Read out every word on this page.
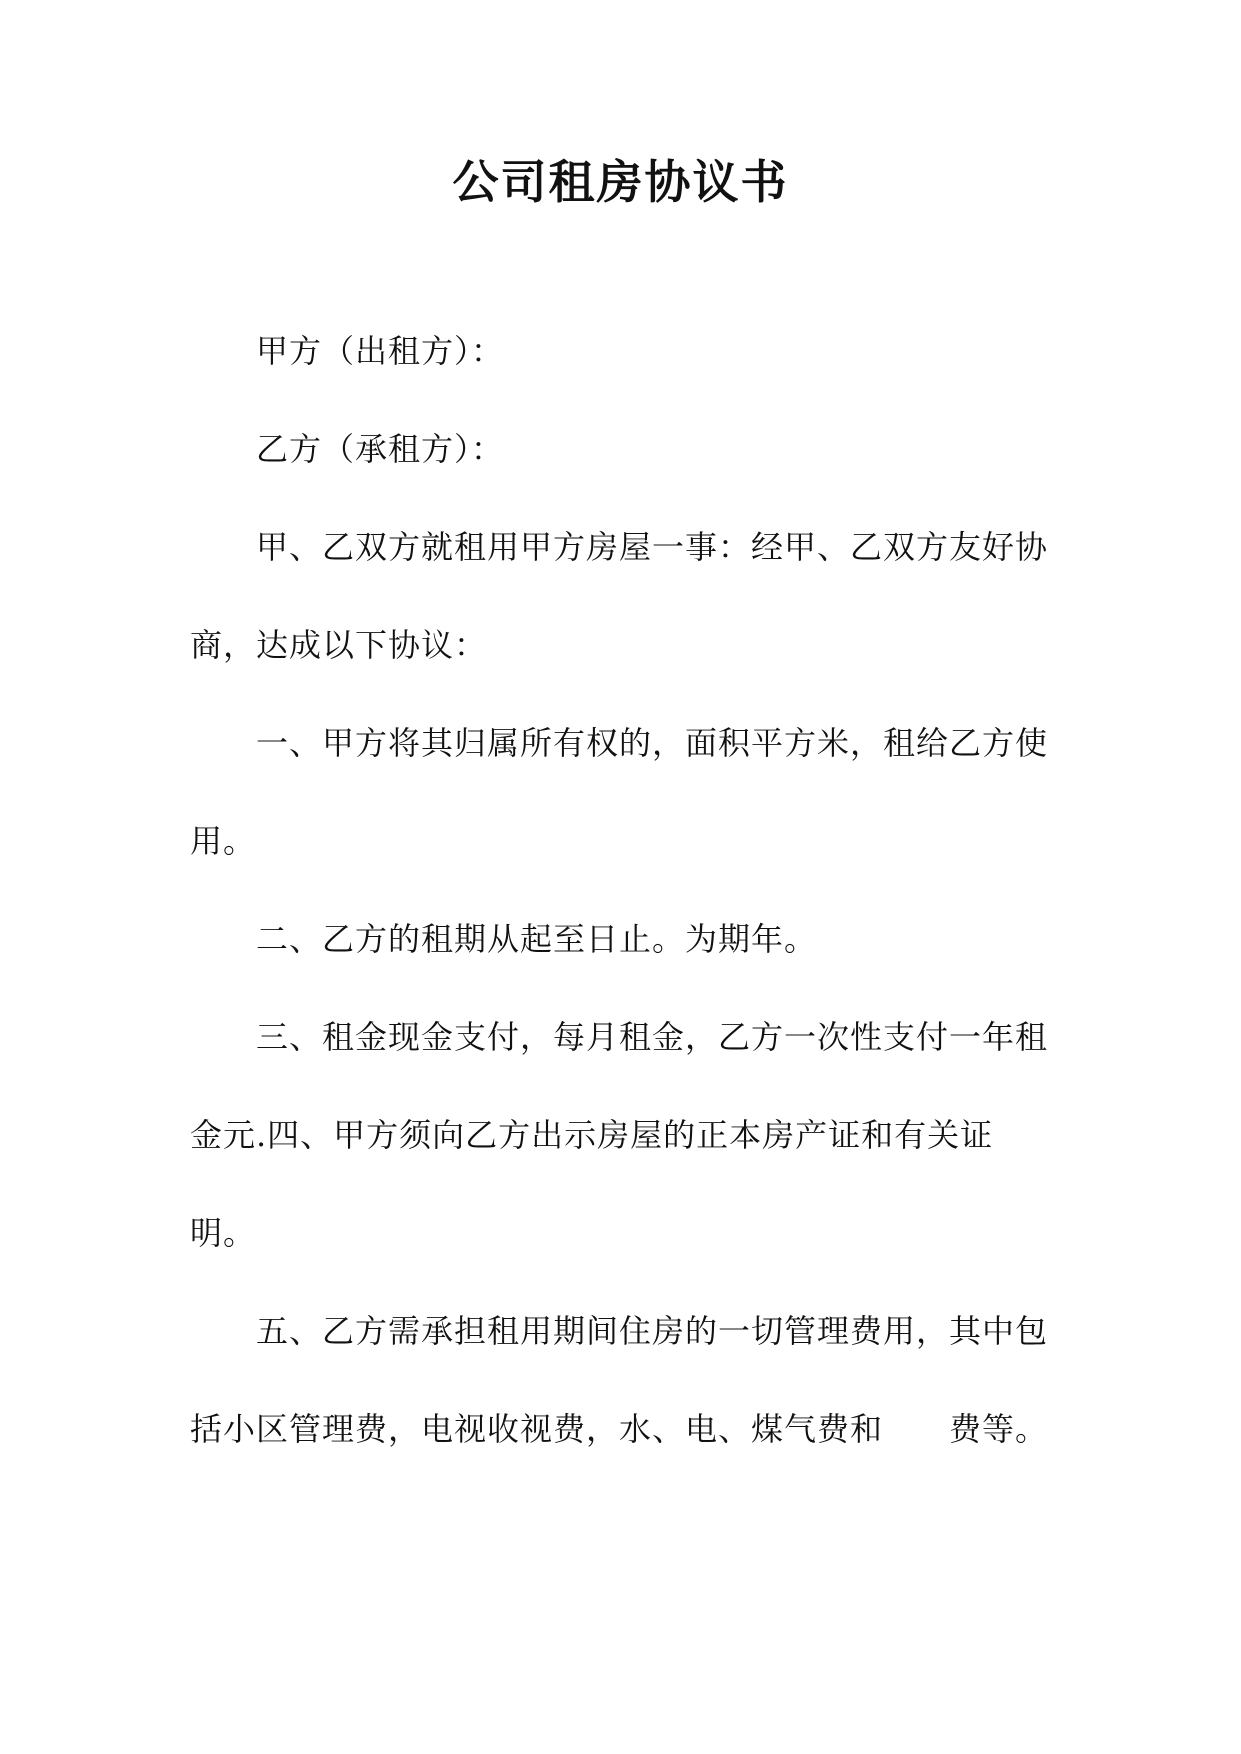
公司租房协议书

甲方（出租方）：

乙方（承租方）：

甲、乙双方就租用甲方房屋一事：经甲、乙双方友好协商，达成以下协议：

一、甲方将其归属所有权的，面积平方米，租给乙方使用。

二、乙方的租期从起至日止。为期年。

三、租金现金支付，每月租金，乙方一次性支付一年租金元.四、甲方须向乙方出示房屋的正本房产证和有关证明。

五、乙方需承担租用期间住房的一切管理费用，其中包括小区管理费，电视收视费，水、电、煤气费和　　费等。
